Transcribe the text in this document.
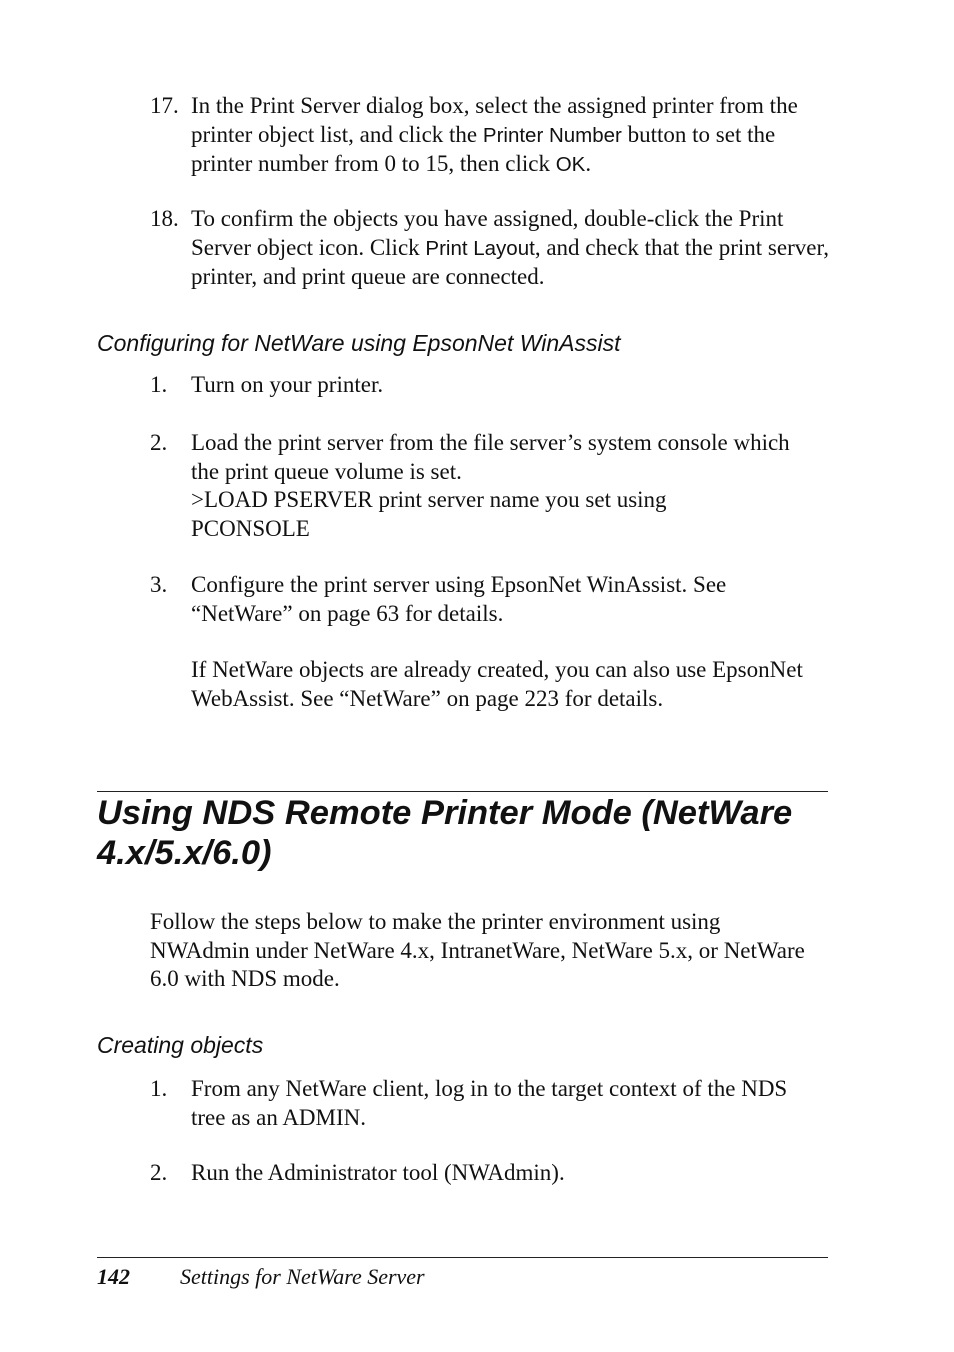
17. In the Print Server dialog box, select the assigned printer from the printer object list, and click the Printer Number button to set the printer number from 0 to 15, then click OK.
18. To confirm the objects you have assigned, double-click the Print Server object icon. Click Print Layout, and check that the print server, printer, and print queue are connected.
Configuring for NetWare using EpsonNet WinAssist
1.	Turn on your printer.
2.	Load the print server from the file server’s system console which the print queue volume is set.
>LOAD PSERVER print server name you set using PCONSOLE
3.	Configure the print server using EpsonNet WinAssist. See “NetWare” on page 63 for details.
If NetWare objects are already created, you can also use EpsonNet WebAssist. See “NetWare” on page 223 for details.
Using NDS Remote Printer Mode (NetWare 4.x/5.x/6.0)
Follow the steps below to make the printer environment using NWAdmin under NetWare 4.x, IntranetWare, NetWare 5.x, or NetWare 6.0 with NDS mode.
Creating objects
1.	From any NetWare client, log in to the target context of the NDS tree as an ADMIN.
2.	Run the Administrator tool (NWAdmin).
142 Settings for NetWare Server
